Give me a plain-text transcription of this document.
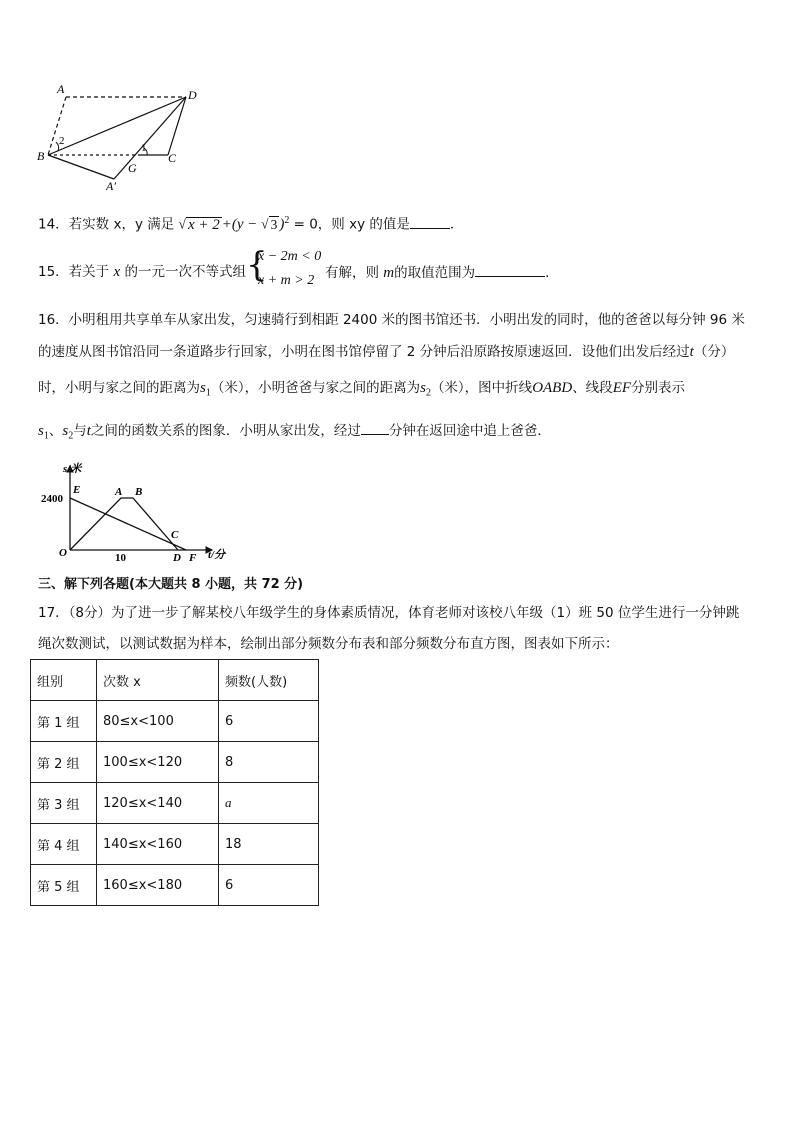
A	D
B	C
G
A′
1
2
14．若实数 x，y 满足 √ x + 2 +(y − √ 3 )$^2$ = 0，则 xy 的值是	．
15．若关于 x 的一元一次不等式组 {
x − 2m < 0
x + m > 2 有解，则 m的取值范围为	．
16．小明租用共享单车从家出发，匀速骑行到相距 2400 米的图书馆还书．小明出发的同时，他的爸爸以每分钟 96 米
的速度从图书馆沿同一条道路步行回家，小明在图书馆停留了 2 分钟后沿原路按原速返回．设他们出发后经过t（分）
时，小明与家之间的距离为$s_1$（米），小明爸爸与家之间的距离为$s_2$（米），图中折线OABD、线段EF分别表示
$s_1$、$s_2$与t之间的函数关系的图象．小明从家出发，经过 分钟在返回途中追上爸爸．
s/米
t/分
2400
10
O
E	A B
C
D F
三、解下列各题(本大题共 8 小题，共 72 分)
17．（8分）为了进一步了解某校八年级学生的身体素质情况，体育老师对该校八年级（1）班 50 位学生进行一分钟跳
绳次数测试，以测试数据为样本，绘制出部分频数分布表和部分频数分布直方图，图表如下所示：
组别	次数 x	频数(人数)
第 1 组	80≤x<100	6
第 2 组	100≤x<120	8
第 3 组	120≤x<140	a
第 4 组	140≤x<160	18
第 5 组	160≤x<180	6
